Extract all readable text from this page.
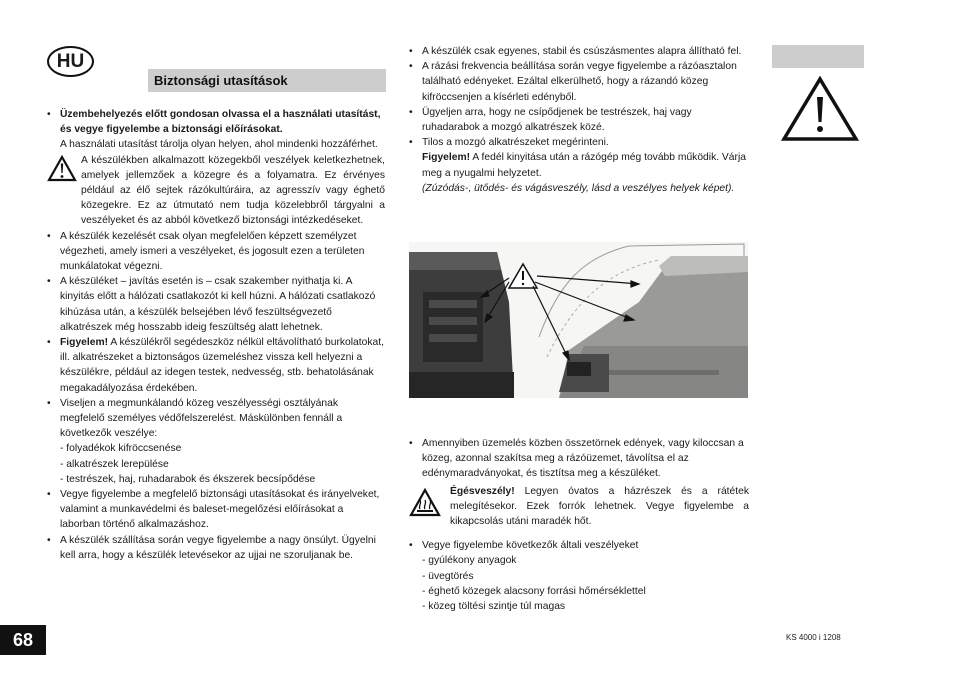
HU
Biztonsági utasítások
• Üzembehelyezés előtt gondosan olvassa el a használati utasítást, és vegye figyelembe a biztonsági előírásokat.
A használati utasítást tárolja olyan helyen, ahol mindenki hozzáférhet.
A készülékben alkalmazott közegekből veszélyek keletkezhetnek, amelyek jellemzőek a közegre és a folyamatra. Ez érvényes például az élő sejtek rázókultúráira, az agresszív vagy éghető közegekre. Ez az útmutató nem tudja közelebbről tárgyalni a veszélyeket és az abból következő biztonsági intézkedéseket.
• A készülék kezelését csak olyan megfelelően képzett személyzet végezheti, amely ismeri a veszélyeket, és jogosult ezen a területen munkálatokat végezni.
• A készüléket – javítás esetén is – csak szakember nyithatja ki. A kinyitás előtt a hálózati csatlakozót ki kell húzni. A hálózati csatlakozó kihúzása után, a készülék belsejében lévő feszültségvezető alkatrészek még hosszabb ideig feszültség alatt lehetnek.
• Figyelem! A készülékről segédeszköz nélkül eltávolítható burkolatokat, ill. alkatrészeket a biztonságos üzemeléshez vissza kell helyezni a készülékre, például az idegen testek, nedvesség, stb. behatolásának megakadályozása érdekében.
• Viseljen a megmunkálandó közeg veszélyességi osztályának megfelelő személyes védőfelszerelést. Máskülönben fennáll a következők veszélye:
- folyadékok kifröccsenése
- alkatrészek lerepülése
- testrészek, haj, ruhadarabok és ékszerek becsípődése
• Vegye figyelembe a megfelelő biztonsági utasításokat és irányelveket, valamint a munkavédelmi és baleset-megelőzési előírásokat a laborban történő alkalmazáshoz.
• A készülék szállítása során vegye figyelembe a nagy önsúlyt. Ügyelni kell arra, hogy a készülék letevésekor az ujjai ne szoruljanak be.
• A készülék csak egyenes, stabil és csúszásmentes alapra állítható fel.
• A rázási frekvencia beállítása során vegye figyelembe a rázóasztalon található edényeket. Ezáltal elkerülhető, hogy a rázandó közeg kifröccsenjen a kísérleti edényből.
• Ügyeljen arra, hogy ne csípődjenek be testrészek, haj vagy ruhadarabok a mozgó alkatrészek közé.
• Tilos a mozgó alkatrészeket megérinteni.
Figyelem! A fedél kinyitása után a rázógép még tovább működik. Várja meg a nyugalmi helyzetet.
(Zúzódás-, ütődés- és vágásveszély, lásd a veszélyes helyek képet).
• Amennyiben üzemelés közben összetörnek edények, vagy kiloccsan a közeg, azonnal szakítsa meg a rázóüzemet, távolítsa el az edénymaradványokat, és tisztítsa meg a készüléket.
Égésveszély! Legyen óvatos a házrészek és a rátétek melegítésekor. Ezek forrók lehetnek. Vegye figyelembe a kikapcsolás utáni maradék hőt.
• Vegye figyelembe következők általi veszélyeket
- gyúlékony anyagok
- üvegtörés
- éghető közegek alacsony forrási hőmérséklettel
- közeg töltési szintje túl magas
68	KS 4000 i 1208
